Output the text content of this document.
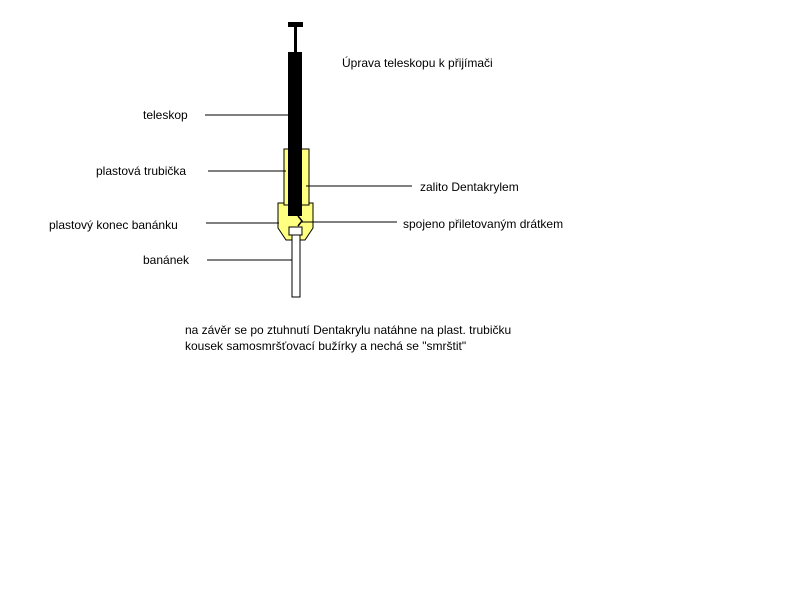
Úprava teleskopu k přijímači
teleskop
plastová trubička
plastový konec banánku
banánek
zalito Dentakrylem
spojeno přiletovaným drátkem
na závěr se po ztuhnutí Dentakrylu natáhne na plast. trubičku
kousek samosmršťovací bužírky a nechá se "smrštit"
